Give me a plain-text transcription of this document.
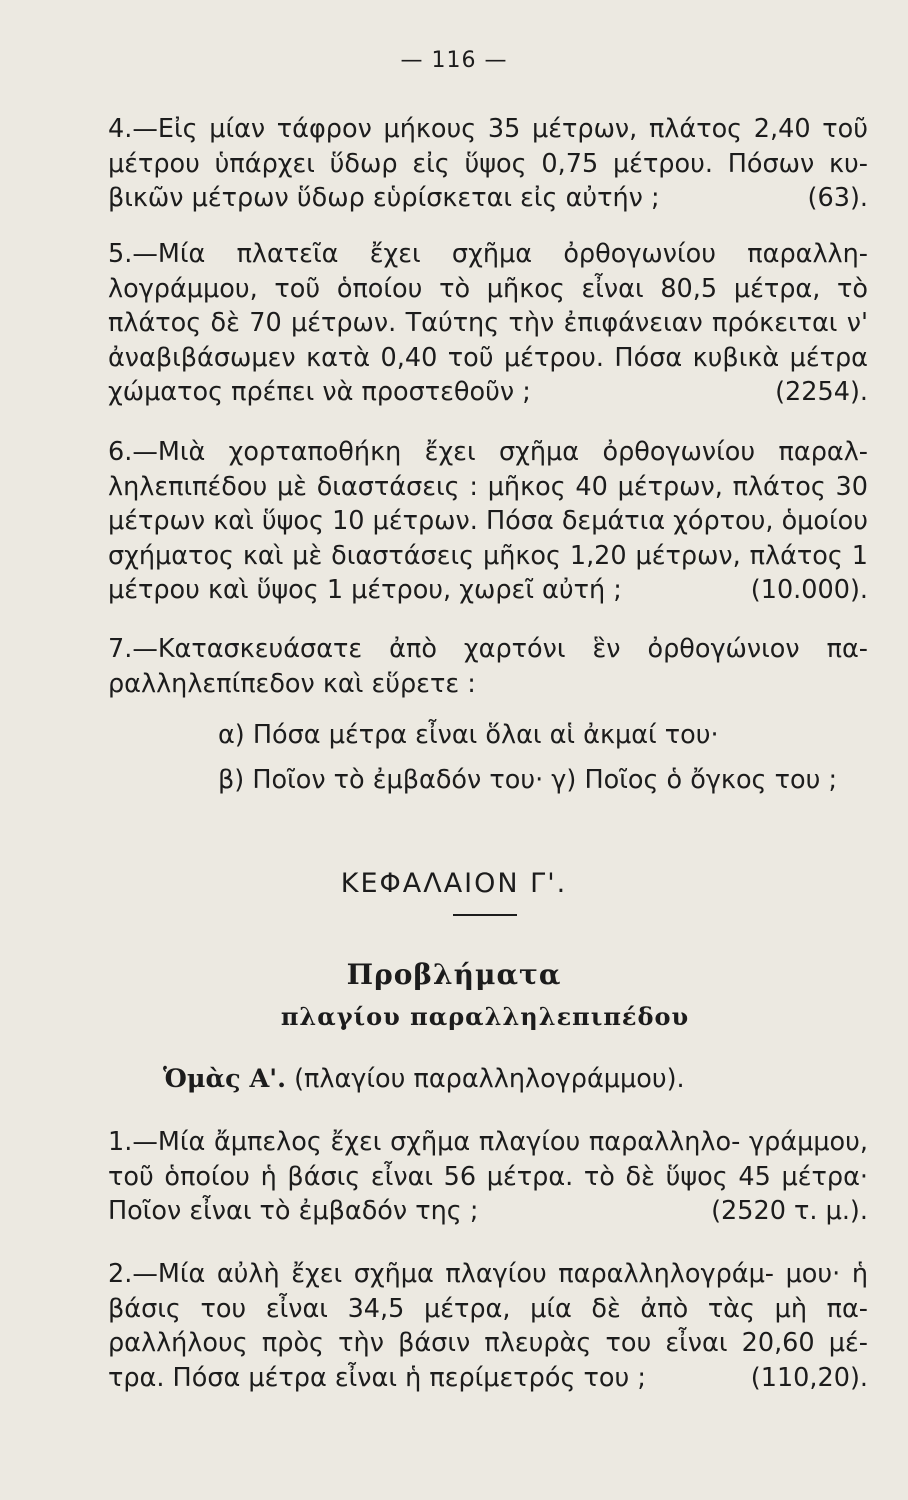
— 116 —
4.—Εἰς μίαν τάφρον μήκους 35 μέτρων, πλάτος 2,40 τοῦ μέτρου ὑπάρχει ὕδωρ εἰς ὕψος 0,75 μέτρου. Πόσων κυ- βικῶν μέτρων ὕδωρ εὑρίσκεται εἰς αὐτήν ;	(63).
5.—Μία πλατεῖα ἔχει σχῆμα ὀρθογωνίου παραλλη- λογράμμου, τοῦ ὁποίου τὸ μῆκος εἶναι 80,5 μέτρα, τὸ πλάτος δὲ 70 μέτρων. Ταύτης τὴν ἐπιφάνειαν πρόκειται ν' ἀναβιβάσωμεν κατὰ 0,40 τοῦ μέτρου. Πόσα κυβικὰ μέτρα χώματος πρέπει νὰ προστεθοῦν ;	(2254).
6.—Μιὰ χορταποθήκη ἔχει σχῆμα ὀρθογωνίου παραλ- ληλεπιπέδου μὲ διαστάσεις : μῆκος 40 μέτρων, πλάτος 30 μέτρων καὶ ὕψος 10 μέτρων. Πόσα δεμάτια χόρτου, ὁμοίου σχήματος καὶ μὲ διαστάσεις μῆκος 1,20 μέτρων, πλάτος 1 μέτρου καὶ ὕψος 1 μέτρου, χωρεῖ αὐτή ;	(10.000).
7.—Κατασκευάσατε ἀπὸ χαρτόνι ἓν ὀρθογώνιον πα- ραλληλεπίπεδον καὶ εὕρετε :
α) Πόσα μέτρα εἶναι ὅλαι αἱ ἀκμαί του·
β) Ποῖον τὸ ἐμβαδόν του· γ) Ποῖος ὁ ὄγκος του ;
ΚΕΦΑΛΑΙΟΝ Γ'.
Προβλήματα
πλαγίου παραλληλεπιπέδου
Ὁμὰς Α'. (πλαγίου παραλληλογράμμου).
1.—Μία ἄμπελος ἔχει σχῆμα πλαγίου παραλληλο- γράμμου, τοῦ ὁποίου ἡ βάσις εἶναι 56 μέτρα. τὸ δὲ ὕψος 45 μέτρα· Ποῖον εἶναι τὸ ἐμβαδόν της ;	(2520 τ. μ.).
2.—Μία αὐλὴ ἔχει σχῆμα πλαγίου παραλληλογράμ- μου· ἡ βάσις του εἶναι 34,5 μέτρα, μία δὲ ἀπὸ τὰς μὴ πα- ραλλήλους πρὸς τὴν βάσιν πλευρὰς του εἶναι 20,60 μέ- τρα. Πόσα μέτρα εἶναι ἡ περίμετρός του ;	(110,20).
